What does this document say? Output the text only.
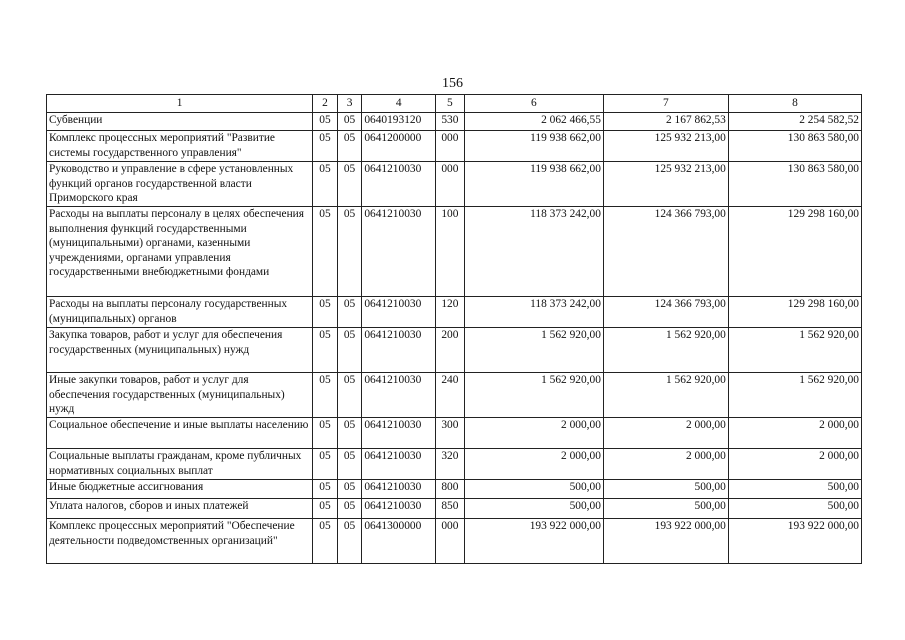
156
1	2	3	4	5	6	7	8
Субвенции	05	05	0640193120	530	2 062 466,55	2 167 862,53	2 254 582,52
Комплекс процессных мероприятий "Развитие системы государственного управления"	05	05	0641200000	000	119 938 662,00	125 932 213,00	130 863 580,00
Руководство и управление в сфере установленных функций органов государственной власти Приморского края	05	05	0641210030	000	119 938 662,00	125 932 213,00	130 863 580,00
Расходы на выплаты персоналу в целях обеспечения выполнения функций государственными (муниципальными) органами, казенными учреждениями, органами управления государственными внебюджетными фондами	05	05	0641210030	100	118 373 242,00	124 366 793,00	129 298 160,00
Расходы на выплаты персоналу государственных (муниципальных) органов	05	05	0641210030	120	118 373 242,00	124 366 793,00	129 298 160,00
Закупка товаров, работ и услуг для обеспечения государственных (муниципальных) нужд	05	05	0641210030	200	1 562 920,00	1 562 920,00	1 562 920,00
Иные закупки товаров, работ и услуг для обеспечения государственных (муниципальных) нужд	05	05	0641210030	240	1 562 920,00	1 562 920,00	1 562 920,00
Социальное обеспечение и иные выплаты населению	05	05	0641210030	300	2 000,00	2 000,00	2 000,00
Социальные выплаты гражданам, кроме публичных нормативных социальных выплат	05	05	0641210030	320	2 000,00	2 000,00	2 000,00
Иные бюджетные ассигнования	05	05	0641210030	800	500,00	500,00	500,00
Уплата налогов, сборов и иных платежей	05	05	0641210030	850	500,00	500,00	500,00
Комплекс процессных мероприятий "Обеспечение деятельности подведомственных организаций"	05	05	0641300000	000	193 922 000,00	193 922 000,00	193 922 000,00
